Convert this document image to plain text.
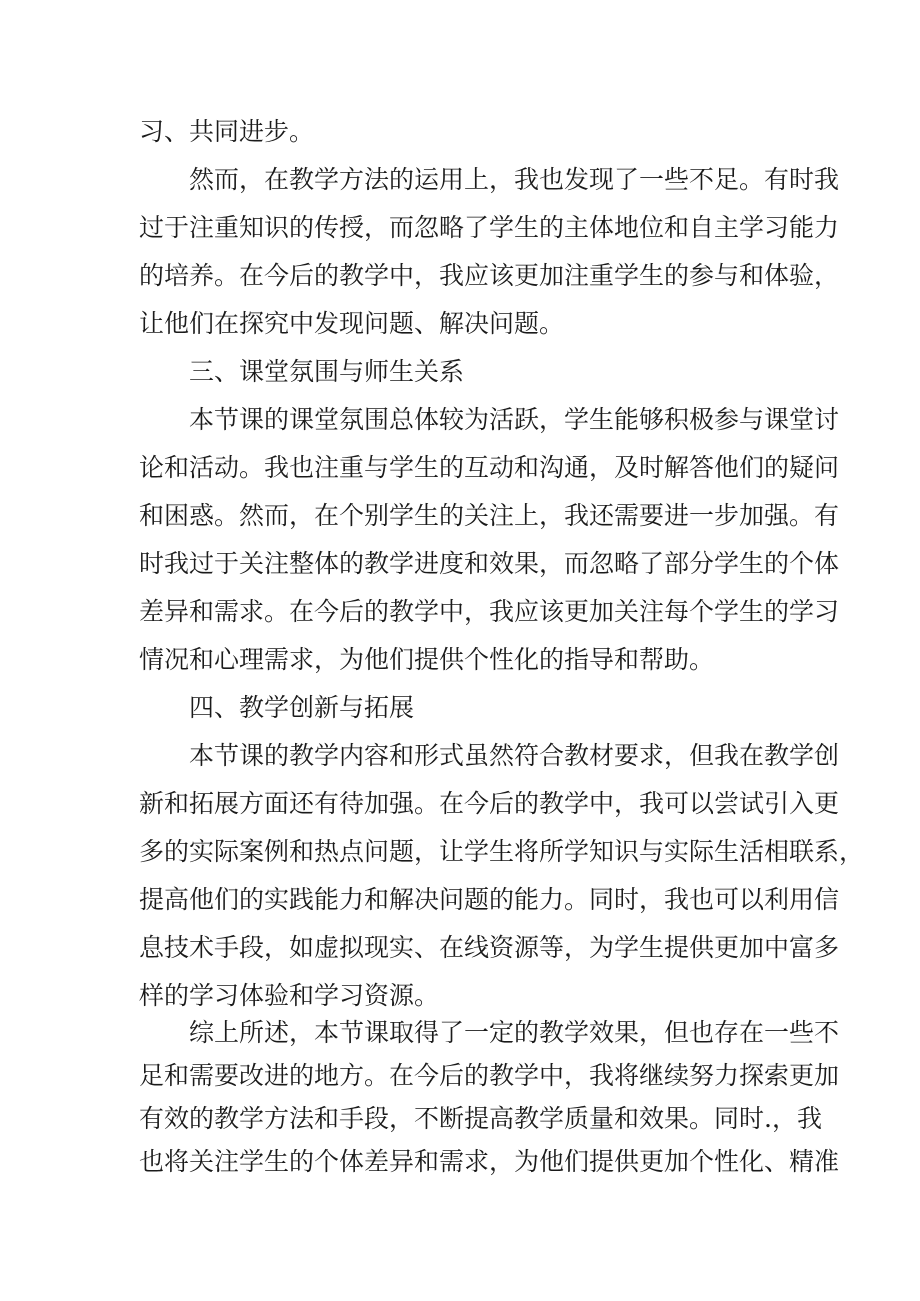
习、共同进步。
然而，在教学方法的运用上，我也发现了一些不足。有时我
过于注重知识的传授，而忽略了学生的主体地位和自主学习能力
的培养。在今后的教学中，我应该更加注重学生的参与和体验，
让他们在探究中发现问题、解决问题。
三、课堂氛围与师生关系
本节课的课堂氛围总体较为活跃，学生能够积极参与课堂讨
论和活动。我也注重与学生的互动和沟通，及时解答他们的疑问
和困惑。然而，在个别学生的关注上，我还需要进一步加强。有
时我过于关注整体的教学进度和效果，而忽略了部分学生的个体
差异和需求。在今后的教学中，我应该更加关注每个学生的学习
情况和心理需求，为他们提供个性化的指导和帮助。
四、教学创新与拓展
本节课的教学内容和形式虽然符合教材要求，但我在教学创
新和拓展方面还有待加强。在今后的教学中，我可以尝试引入更
多的实际案例和热点问题，让学生将所学知识与实际生活相联系，
提高他们的实践能力和解决问题的能力。同时，我也可以利用信
息技术手段，如虚拟现实、在线资源等，为学生提供更加中富多
样的学习体验和学习资源。
综上所述，本节课取得了一定的教学效果，但也存在一些不
足和需要改进的地方。在今后的教学中，我将继续努力探索更加
有效的教学方法和手段，不断提高教学质量和效果。同时.，我
也将关注学生的个体差异和需求，为他们提供更加个性化、精准
